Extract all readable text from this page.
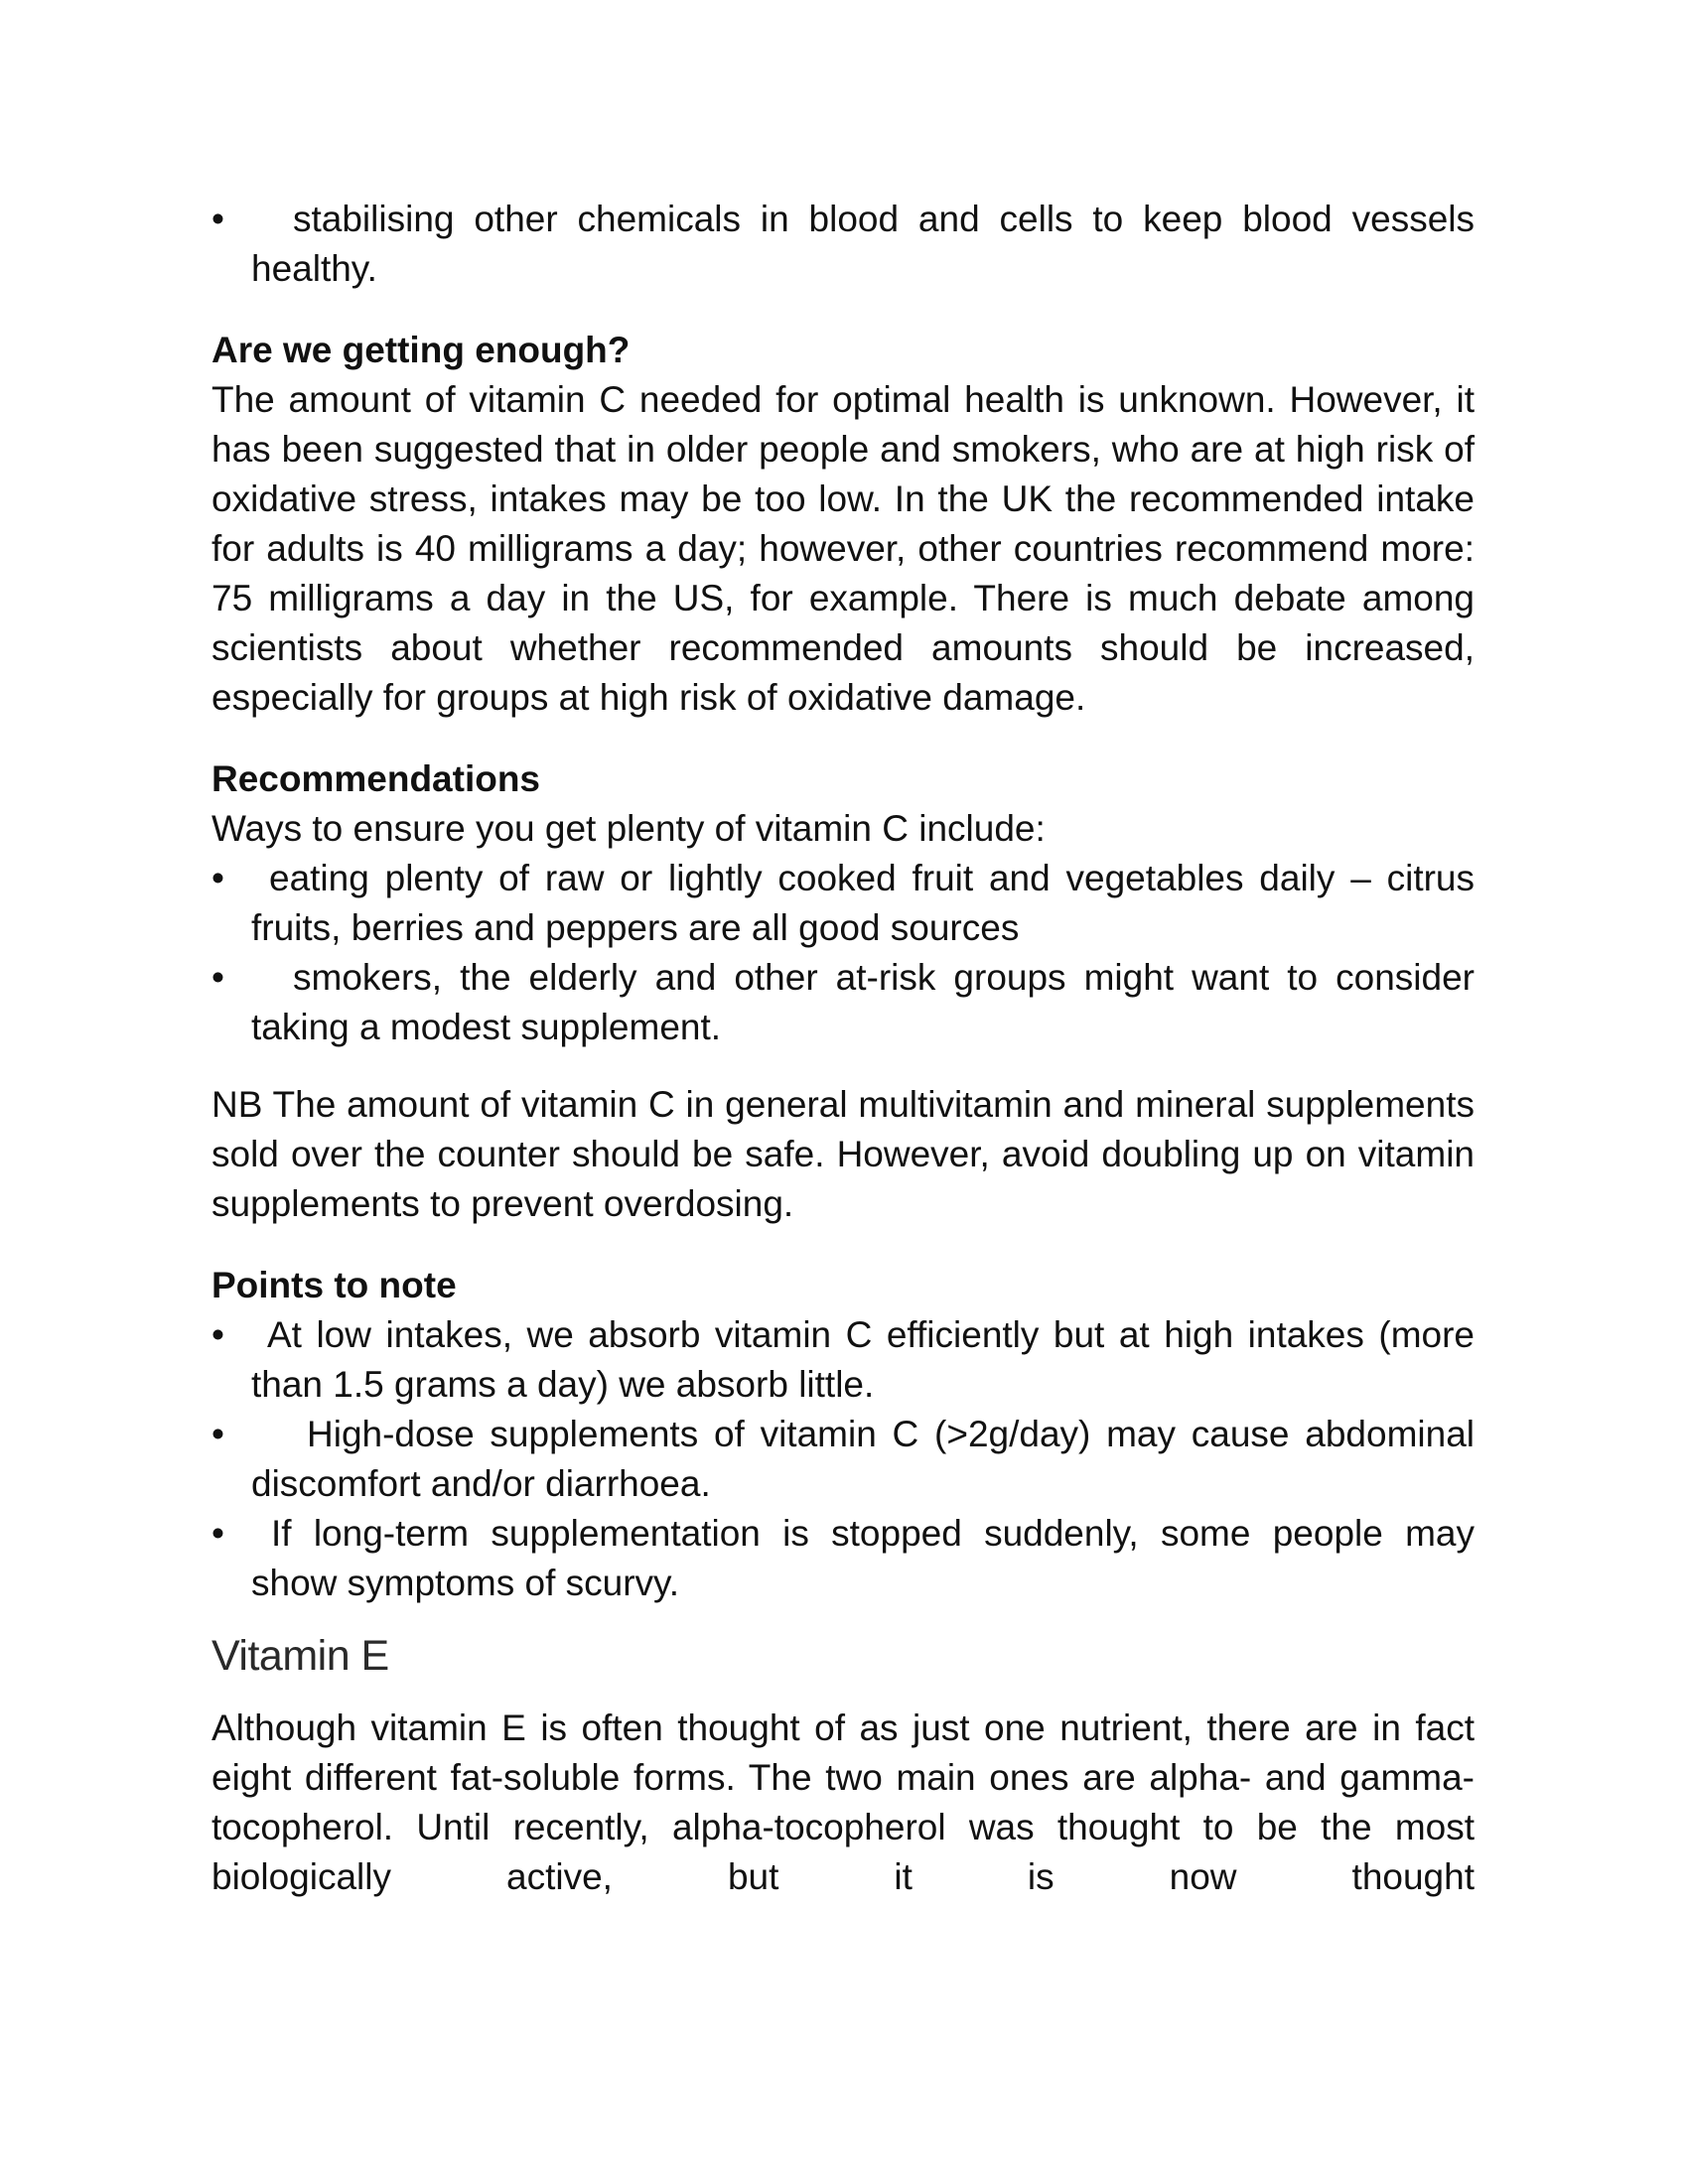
•	stabilising other chemicals in blood and cells to keep blood vessels healthy.

Are we getting enough?

The amount of vitamin C needed for optimal health is unknown. However, it has been suggested that in older people and smokers, who are at high risk of oxidative stress, intakes may be too low. In the UK the recommended intake for adults is 40 milligrams a day; however, other countries recommend more: 75 milligrams a day in the US, for example. There is much debate among scientists about whether recommended amounts should be increased, especially for groups at high risk of oxidative damage.

Recommendations

Ways to ensure you get plenty of vitamin C include:

•	eating plenty of raw or lightly cooked fruit and vegetables daily – citrus fruits, berries and peppers are all good sources

•	smokers, the elderly and other at-risk groups might want to consider taking a modest supplement.

NB The amount of vitamin C in general multivitamin and mineral supplements sold over the counter should be safe. However, avoid doubling up on vitamin supplements to prevent overdosing.

Points to note
•	At low intakes, we absorb vitamin C efficiently but at high intakes (more than 1.5 grams a day) we absorb little.

•	High-dose supplements of vitamin C (>2g/day) may cause abdominal discomfort and/or diarrhoea.

•	If long-term supplementation is stopped suddenly, some people may show symptoms of scurvy.

Vitamin E

Although vitamin E is often thought of as just one nutrient, there are in fact eight different fat-soluble forms. The two main ones are alpha- and gamma-tocopherol. Until recently, alpha-tocopherol was thought to be the most biologically active, but it is now thought
